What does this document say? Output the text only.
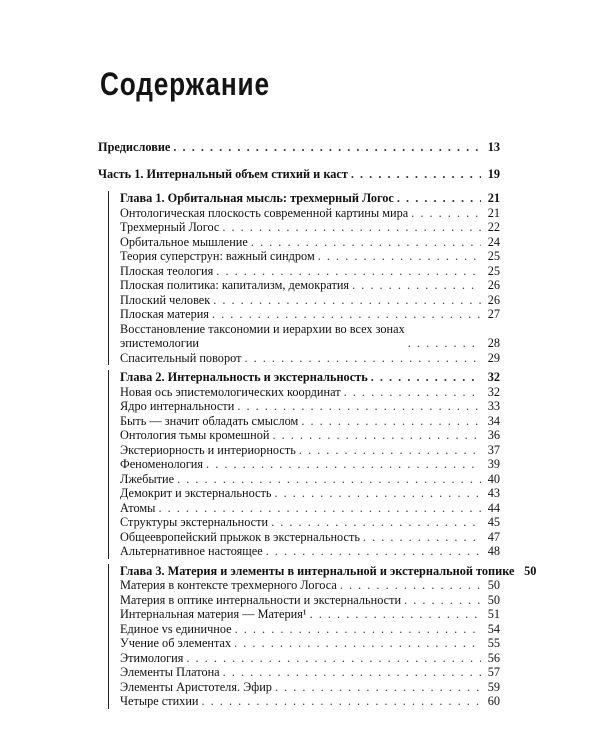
Содержание
Предисловие . . .	13
Часть 1. Интернальный объем стихий и каст . . .	19
Глава 1. Орбитальная мысль: трехмерный Логос . . .	21
Онтологическая плоскость современной картины мира . . .	21
Трехмерный Логос . . .	22
Орбитальное мышление . . .	24
Теория суперструн: важный синдром . . .	25
Плоская теология . . .	25
Плоская политика: капитализм, демократия . . .	26
Плоский человек . . .	26
Плоская материя . . .	27
Восстановление таксономии и иерархии во всех зонах
эпистемологии . . .	28
Спасительный поворот . . .	29
Глава 2. Интернальность и экстернальность . . .	32
Новая ось эпистемологических координат . . .	32
Ядро интернальности . . .	33
Быть — значит обладать смыслом . . .	34
Онтология тьмы кромешной . . .	36
Экстериорность и интериорность . . .	37
Феноменология . . .	39
Лжебытие . . .	40
Демокрит и экстернальность . . .	43
Атомы . . .	44
Структуры экстернальности . . .	45
Общеевропейский прыжок в экстернальность . . .	47
Альтернативное настоящее . . .	48
Глава 3. Материя и элементы в интернальной и экстернальной топике 50
Материя в контексте трехмерного Логоса . . .	50
Материя в оптике интернальности и экстернальности . . .	50
Интернальная материя — Материя¹ . . .	51
Единое vs единичное . . .	54
Учение об элементах . . .	55
Этимология . . .	56
Элементы Платона . . .	57
Элементы Аристотеля. Эфир . . .	59
Четыре стихии . . .	60
